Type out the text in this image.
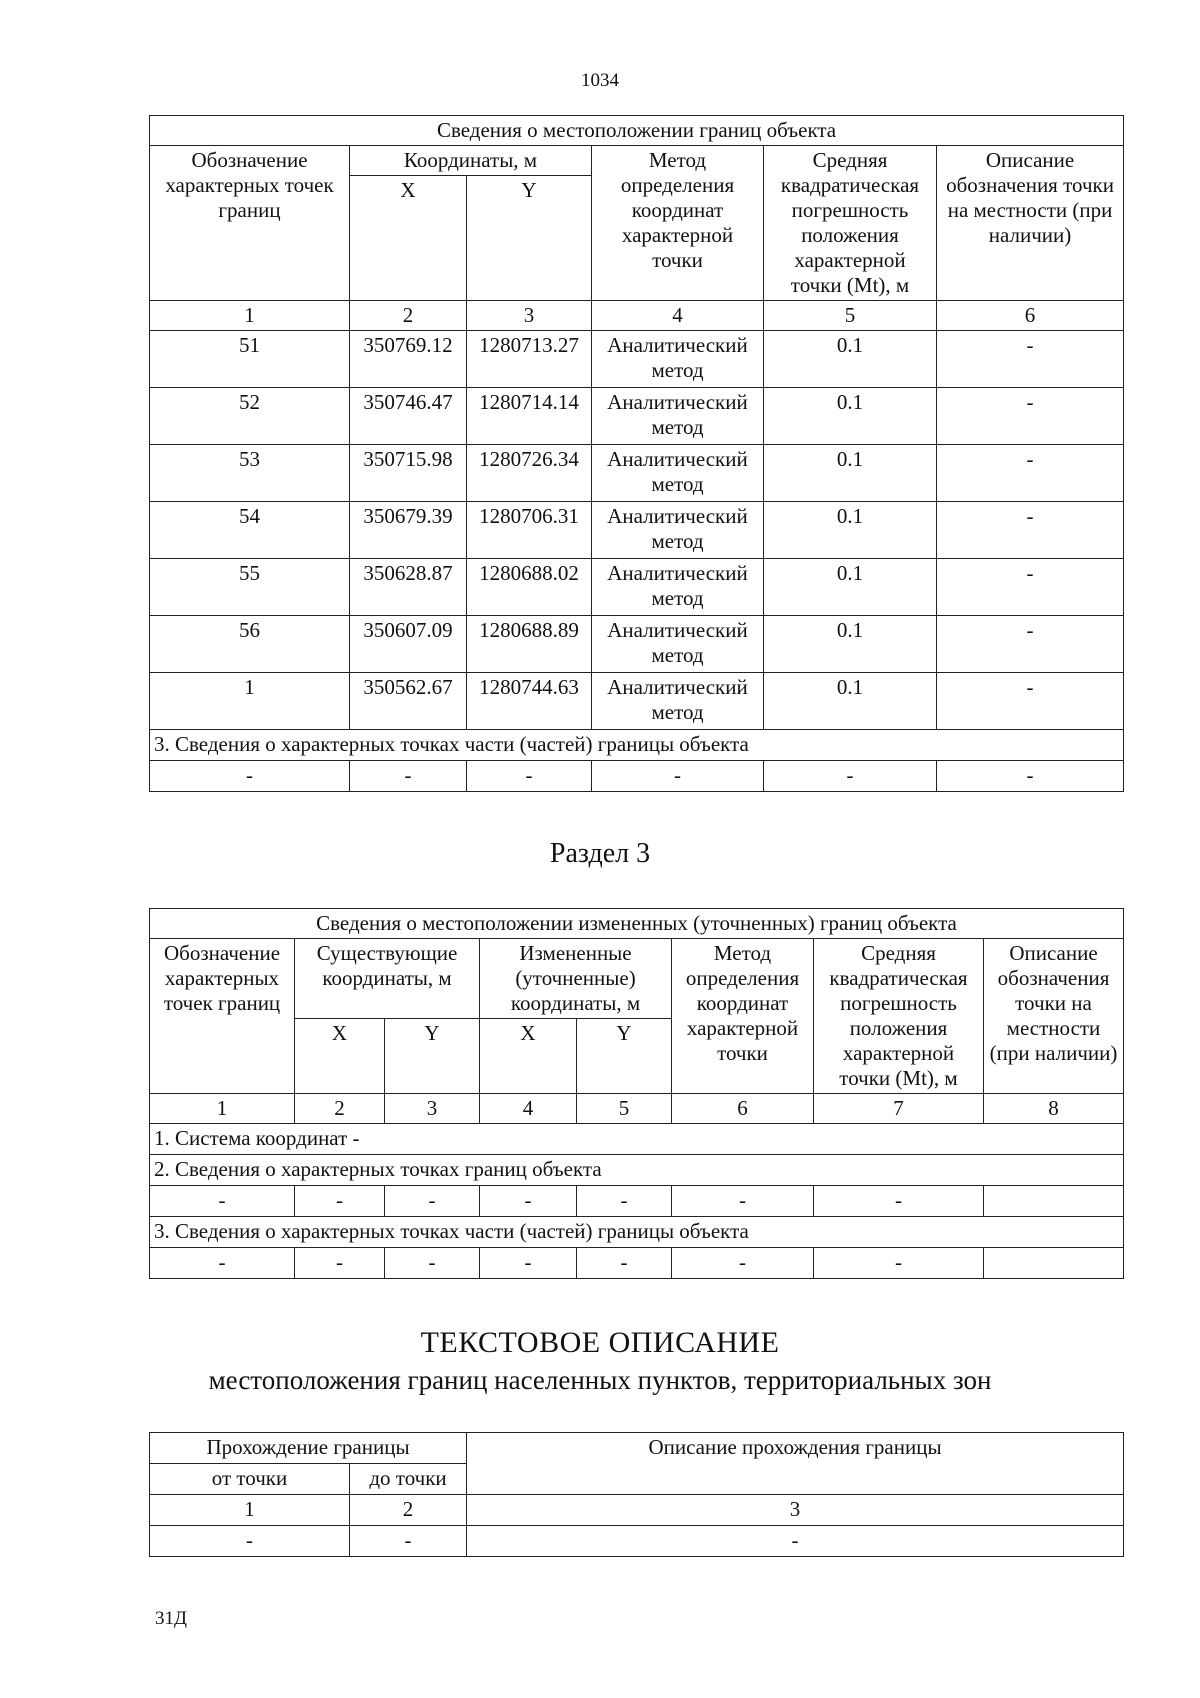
1034
Сведения о местоположении границ объекта					
Обозначение характерных точек границ	Координаты, м		Метод определения координат характерной точки	Средняя квадратическая погрешность положения характерной точки (Mt), м	Описание обозначения точки на местности (при наличии)
	X	Y			
1	2	3	4	5	6
51	350769.12	1280713.27	Аналитический метод	0.1	-
52	350746.47	1280714.14	Аналитический метод	0.1	-
53	350715.98	1280726.34	Аналитический метод	0.1	-
54	350679.39	1280706.31	Аналитический метод	0.1	-
55	350628.87	1280688.02	Аналитический метод	0.1	-
56	350607.09	1280688.89	Аналитический метод	0.1	-
1	350562.67	1280744.63	Аналитический метод	0.1	-
3. Сведения о характерных точках части (частей) границы объекта					
-	-	-	-	-	-
Раздел 3
Сведения о местоположении измененных (уточненных) границ объекта							
Обозначение характерных точек границ	Существующие координаты, м		Измененные (уточненные) координаты, м		Метод определения координат характерной точки	Средняя квадратическая погрешность положения характерной точки (Mt), м	Описание обозначения точки на местности (при наличии)
	X	Y	X	Y			
1	2	3	4	5	6	7	8
1. Система координат -							
2. Сведения о характерных точках границ объекта							
-	-	-	-	-	-	-	
3. Сведения о характерных точках части (частей) границы объекта							
-	-	-	-	-	-	-	
ТЕКСТОВОЕ ОПИСАНИЕ
местоположения границ населенных пунктов, территориальных зон
Прохождение границы		Описание прохождения границы
от точки	до точки	
1	2	3
-	-	-
31Д
